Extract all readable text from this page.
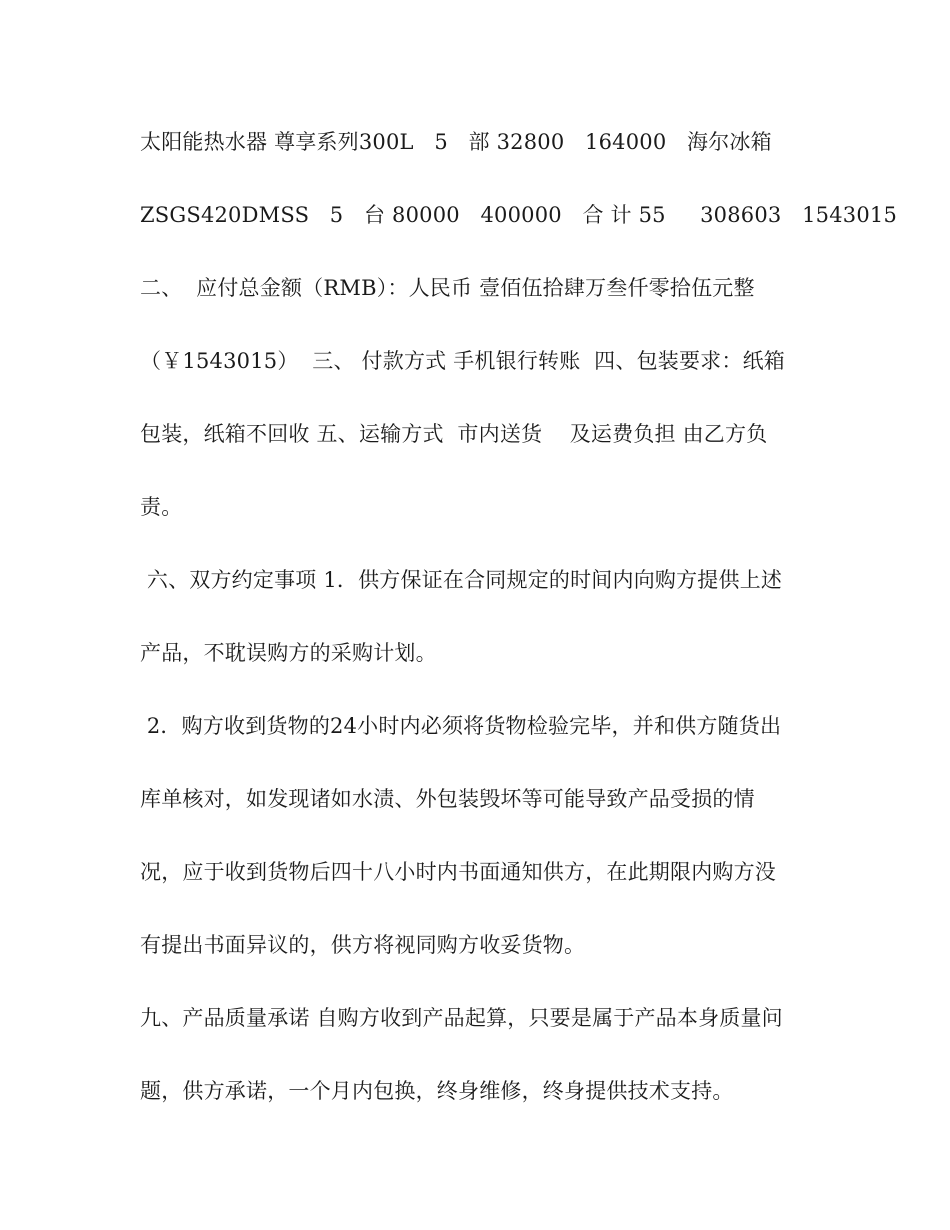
太阳能热水器 尊享系列300L   5   部 32800   164000   海尔冰箱

ZSGS420DMSS   5   台 80000   400000   合 计 55     308603   1543015

二、  应付总金额（RMB）：人民币 壹佰伍拾肆万叁仟零拾伍元整

（￥1543015）  三、 付款方式 手机银行转账  四、包装要求：纸箱

包装，纸箱不回收 五、运输方式  市内送货    及运费负担 由乙方负

责。

六、双方约定事项 1．供方保证在合同规定的时间内向购方提供上述

产品，不耽误购方的采购计划。

2．购方收到货物的24小时内必须将货物检验完毕，并和供方随货出

库单核对，如发现诸如水渍、外包装毁坏等可能导致产品受损的情

况，应于收到货物后四十八小时内书面通知供方，在此期限内购方没

有提出书面异议的，供方将视同购方收妥货物。

九、产品质量承诺 自购方收到产品起算，只要是属于产品本身质量问

题，供方承诺，一个月内包换，终身维修，终身提供技术支持。
